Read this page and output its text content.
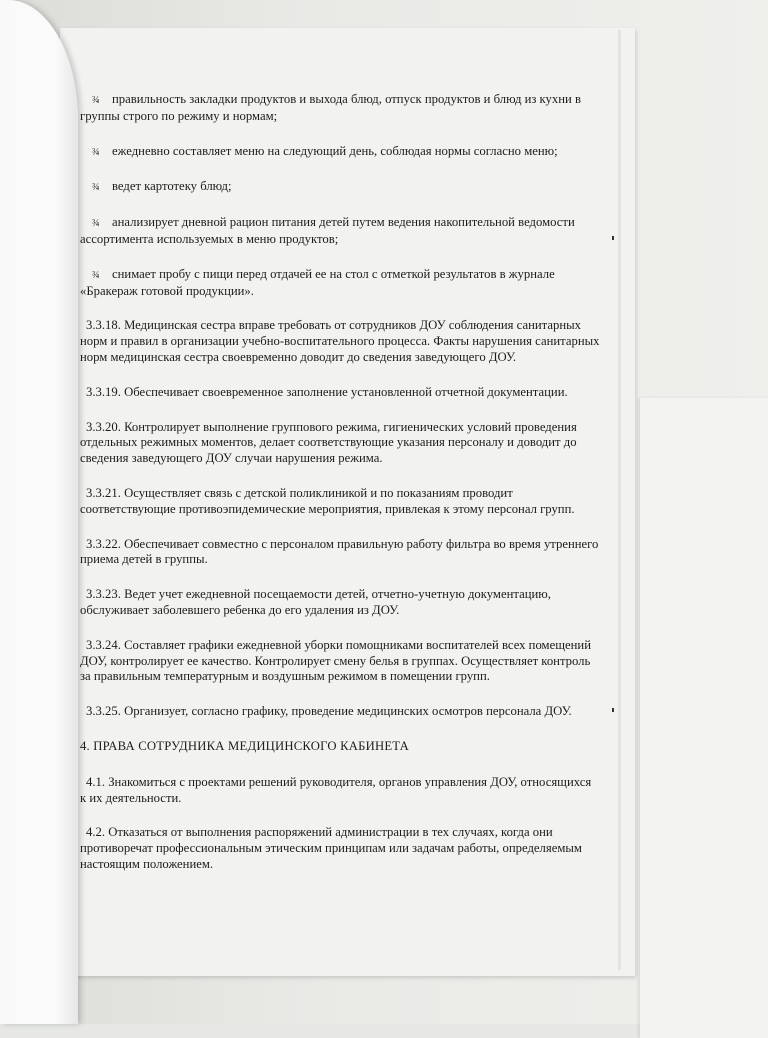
¾ правильность закладки продуктов и выхода блюд, отпуск продуктов и блюд из кухни в группы строго по режиму и нормам;

¾ ежедневно составляет меню на следующий день, соблюдая нормы согласно меню;

¾ ведет картотеку блюд;

¾ анализирует дневной рацион питания детей путем ведения накопительной ведомости ассортимента используемых в меню продуктов;

¾ снимает пробу с пищи перед отдачей ее на стол с отметкой результатов в журнале «Бракераж готовой продукции».

3.3.18. Медицинская сестра вправе требовать от сотрудников ДОУ соблюдения санитарных норм и правил в организации учебно-воспитательного процесса. Факты нарушения санитарных норм медицинская сестра своевременно доводит до сведения заведующего ДОУ.

3.3.19. Обеспечивает своевременное заполнение установленной отчетной документации.

3.3.20. Контролирует выполнение группового режима, гигиенических условий проведения отдельных режимных моментов, делает соответствующие указания персоналу и доводит до сведения заведующего ДОУ случаи нарушения режима.

3.3.21. Осуществляет связь с детской поликлиникой и по показаниям проводит соответствующие противоэпидемические мероприятия, привлекая к этому персонал групп.

3.3.22. Обеспечивает совместно с персоналом правильную работу фильтра во время утреннего приема детей в группы.

3.3.23. Ведет учет ежедневной посещаемости детей, отчетно-учетную документацию, обслуживает заболевшего ребенка до его удаления из ДОУ.

3.3.24. Составляет графики ежедневной уборки помощниками воспитателей всех помещений ДОУ, контролирует ее качество. Контролирует смену белья в группах. Осуществляет контроль за правильным температурным и воздушным режимом в помещении групп.

3.3.25. Организует, согласно графику, проведение медицинских осмотров персонала ДОУ.

4. ПРАВА СОТРУДНИКА МЕДИЦИНСКОГО КАБИНЕТА

4.1. Знакомиться с проектами решений руководителя, органов управления ДОУ, относящихся к их деятельности.

4.2. Отказаться от выполнения распоряжений администрации в тех случаях, когда они противоречат профессиональным этическим принципам или задачам работы, определяемым настоящим положением.
